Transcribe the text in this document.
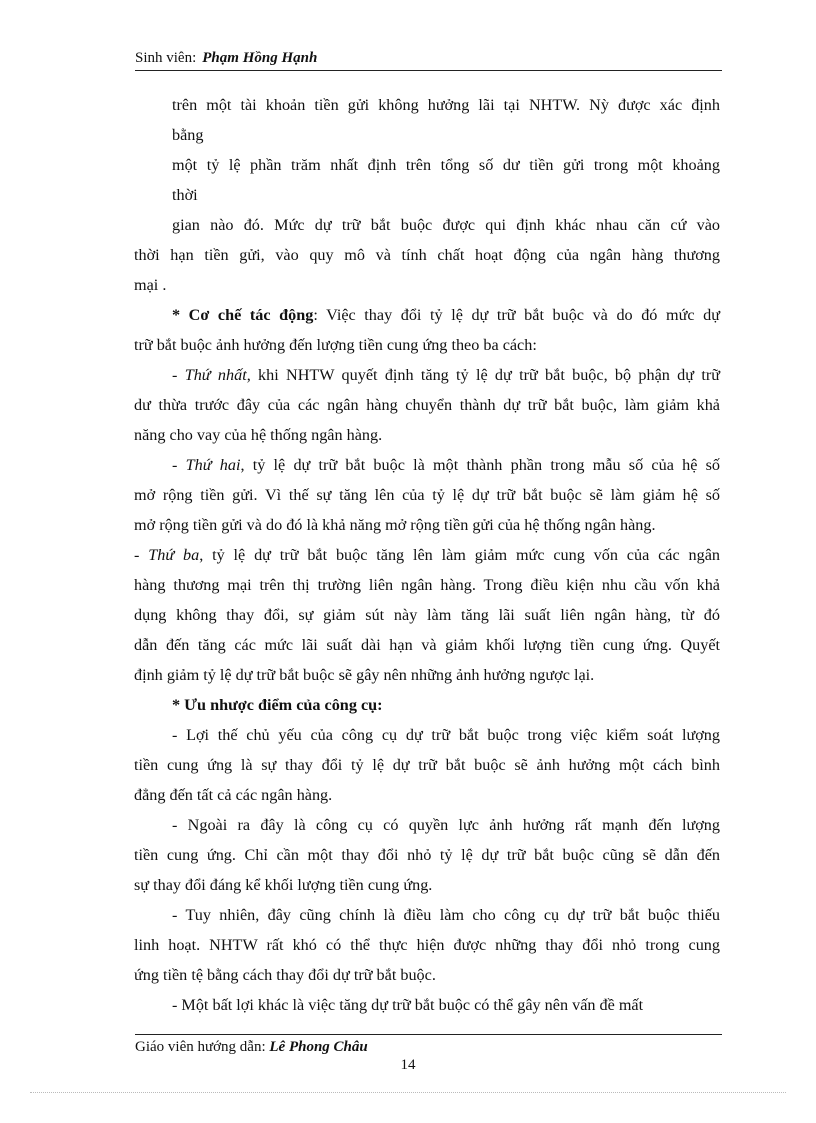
Sinh viên: Phạm Hồng Hạnh
trên một tài khoản tiền gửi không hưởng lãi tại NHTW. Nỳ được xác định
bằng
một tỷ lệ phần trăm nhất định trên tổng số dư tiền gửi trong một khoảng
thời
gian nào đó. Mức dự trữ bắt buộc được qui định khác nhau căn cứ vào
thời hạn tiền gửi, vào quy mô và tính chất hoạt động của ngân hàng thương
mại .
* Cơ chế tác động: Việc thay đổi tỷ lệ dự trữ bắt buộc và do đó mức dự
trữ bắt buộc ảnh hưởng đến lượng tiền cung ứng theo ba cách:
- Thứ nhất, khi NHTW quyết định tăng tỷ lệ dự trữ bắt buộc, bộ phận dự trữ
dư thừa trước đây của các ngân hàng chuyển thành dự trữ bắt buộc, làm giảm khả
năng cho vay của hệ thống ngân hàng.
- Thứ hai, tỷ lệ dự trữ bắt buộc là một thành phần trong mẫu số của hệ số
mở rộng tiền gửi. Vì thế sự tăng lên của tỷ lệ dự trữ bắt buộc sẽ làm giảm hệ số
mở rộng tiền gửi và do đó là khả năng mở rộng tiền gửi của hệ thống ngân hàng.
- Thứ ba, tỷ lệ dự trữ bắt buộc tăng lên làm giảm mức cung vốn của các ngân
hàng thương mại trên thị trường liên ngân hàng. Trong điều kiện nhu cầu vốn khả
dụng không thay đổi, sự giảm sút này làm tăng lãi suất liên ngân hàng, từ đó
dẫn đến tăng các mức lãi suất dài hạn và giảm khối lượng tiền cung ứng. Quyết
định giảm tỷ lệ dự trữ bắt buộc sẽ gây nên những ảnh hưởng ngược lại.
* Ưu nhược điểm của công cụ:
- Lợi thế chủ yếu của công cụ dự trữ bắt buộc trong việc kiểm soát lượng
tiền cung ứng là sự thay đổi tỷ lệ dự trữ bắt buộc sẽ ảnh hưởng một cách bình
đẳng đến tất cả các ngân hàng.
- Ngoài ra đây là công cụ có quyền lực ảnh hưởng rất mạnh đến lượng
tiền cung ứng. Chỉ cần một thay đổi nhỏ tỷ lệ dự trữ bắt buộc cũng sẽ dẫn đến
sự thay đổi đáng kể khối lượng tiền cung ứng.
- Tuy nhiên, đây cũng chính là điều làm cho công cụ dự trữ bắt buộc thiếu
linh hoạt. NHTW rất khó có thể thực hiện được những thay đổi nhỏ trong cung
ứng tiền tệ bằng cách thay đổi dự trữ bắt buộc.
- Một bất lợi khác là việc tăng dự trữ bắt buộc có thể gây nên vấn đề mất
Giáo viên hướng dẫn: Lê Phong Châu
14
